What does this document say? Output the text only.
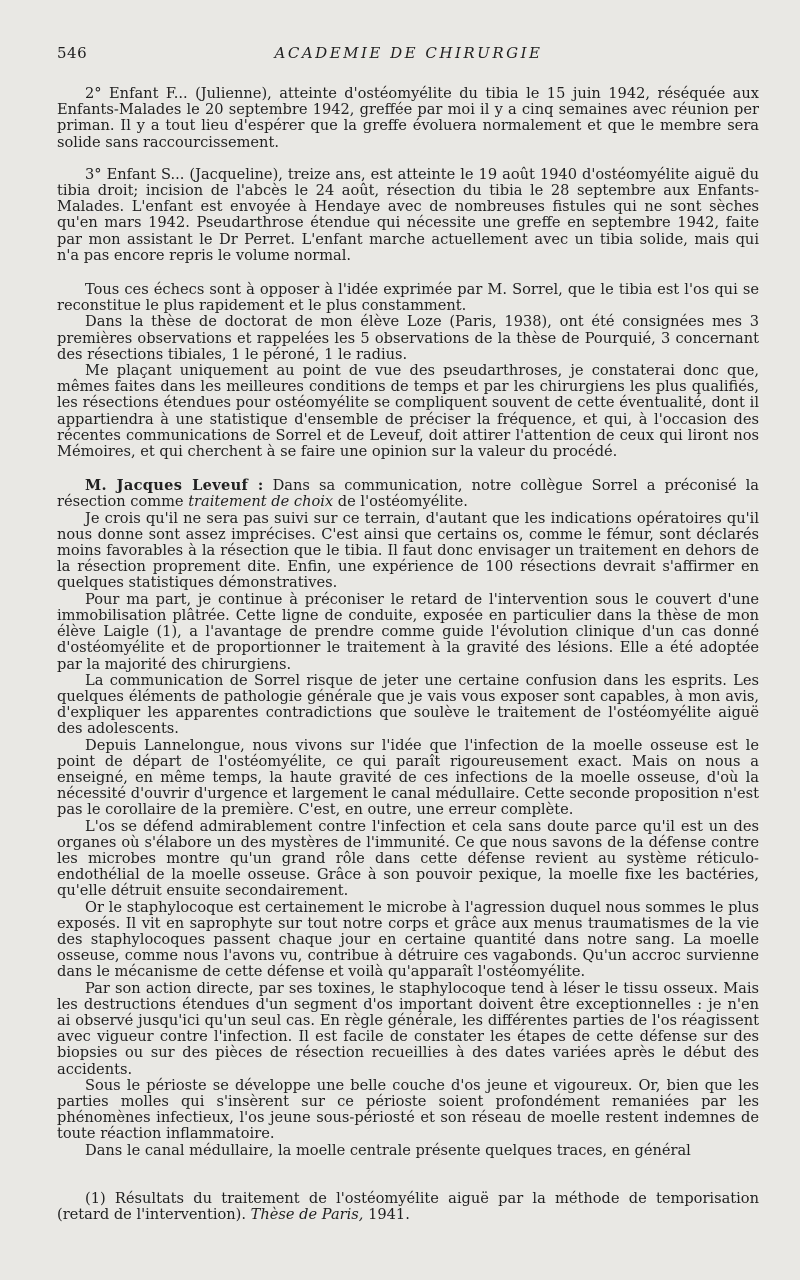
546	ACADEMIE DE CHIRURGIE

2° Enfant F... (Julienne), atteinte d'ostéomyélite du tibia le 15 juin 1942, réséquée aux Enfants-Malades le 20 septembre 1942, greffée par moi il y a cinq semaines avec réunion per priman. Il y a tout lieu d'espérer que la greffe évoluera normalement et que le membre sera solide sans raccourcissement.

3° Enfant S... (Jacqueline), treize ans, est atteinte le 19 août 1940 d'ostéomyélite aiguë du tibia droit; incision de l'abcès le 24 août, résection du tibia le 28 septembre aux Enfants-Malades. L'enfant est envoyée à Hendaye avec de nombreuses fistules qui ne sont sèches qu'en mars 1942. Pseudarthrose étendue qui nécessite une greffe en septembre 1942, faite par mon assistant le Dr Perret. L'enfant marche actuellement avec un tibia solide, mais qui n'a pas encore repris le volume normal.

Tous ces échecs sont à opposer à l'idée exprimée par M. Sorrel, que le tibia est l'os qui se reconstitue le plus rapidement et le plus constamment.

Dans la thèse de doctorat de mon élève Loze (Paris, 1938), ont été consignées mes 3 premières observations et rappelées les 5 observations de la thèse de Pourquié, 3 concernant des résections tibiales, 1 le péroné, 1 le radius.

Me plaçant uniquement au point de vue des pseudarthroses, je constaterai donc que, mêmes faites dans les meilleures conditions de temps et par les chirurgiens les plus qualifiés, les résections étendues pour ostéomyélite se compliquent souvent de cette éventualité, dont il appartiendra à une statistique d'ensemble de préciser la fréquence, et qui, à l'occasion des récentes communications de Sorrel et de Leveuf, doit attirer l'attention de ceux qui liront nos Mémoires, et qui cherchent à se faire une opinion sur la valeur du procédé.

M. Jacques Leveuf : Dans sa communication, notre collègue Sorrel a préconisé la résection comme traitement de choix de l'ostéomyélite.

Je crois qu'il ne sera pas suivi sur ce terrain, d'autant que les indications opératoires qu'il nous donne sont assez imprécises. C'est ainsi que certains os, comme le fémur, sont déclarés moins favorables à la résection que le tibia. Il faut donc envisager un traitement en dehors de la résection proprement dite. Enfin, une expérience de 100 résections devrait s'affirmer en quelques statistiques démonstratives.

Pour ma part, je continue à préconiser le retard de l'intervention sous le couvert d'une immobilisation plâtrée. Cette ligne de conduite, exposée en particulier dans la thèse de mon élève Laigle (1), a l'avantage de prendre comme guide l'évolution clinique d'un cas donné d'ostéomyélite et de proportionner le traitement à la gravité des lésions. Elle a été adoptée par la majorité des chirurgiens.

La communication de Sorrel risque de jeter une certaine confusion dans les esprits. Les quelques éléments de pathologie générale que je vais vous exposer sont capables, à mon avis, d'expliquer les apparentes contradictions que soulève le traitement de l'ostéomyélite aiguë des adolescents.

Depuis Lannelongue, nous vivons sur l'idée que l'infection de la moelle osseuse est le point de départ de l'ostéomyélite, ce qui paraît rigoureusement exact. Mais on nous a enseigné, en même temps, la haute gravité de ces infections de la moelle osseuse, d'où la nécessité d'ouvrir d'urgence et largement le canal médullaire. Cette seconde proposition n'est pas le corollaire de la première. C'est, en outre, une erreur complète.

L'os se défend admirablement contre l'infection et cela sans doute parce qu'il est un des organes où s'élabore un des mystères de l'immunité. Ce que nous savons de la défense contre les microbes montre qu'un grand rôle dans cette défense revient au système réticulo-endothélial de la moelle osseuse. Grâce à son pouvoir pexique, la moelle fixe les bactéries, qu'elle détruit ensuite secondairement.

Or le staphylocoque est certainement le microbe à l'agression duquel nous sommes le plus exposés. Il vit en saprophyte sur tout notre corps et grâce aux menus traumatismes de la vie des staphylocoques passent chaque jour en certaine quantité dans notre sang. La moelle osseuse, comme nous l'avons vu, contribue à détruire ces vagabonds. Qu'un accroc survienne dans le mécanisme de cette défense et voilà qu'apparaît l'ostéomyélite.

Par son action directe, par ses toxines, le staphylocoque tend à léser le tissu osseux. Mais les destructions étendues d'un segment d'os important doivent être exceptionnelles : je n'en ai observé jusqu'ici qu'un seul cas. En règle générale, les différentes parties de l'os réagissent avec vigueur contre l'infection. Il est facile de constater les étapes de cette défense sur des biopsies ou sur des pièces de résection recueillies à des dates variées après le début des accidents.

Sous le périoste se développe une belle couche d'os jeune et vigoureux. Or, bien que les parties molles qui s'insèrent sur ce périoste soient profondément remaniées par les phénomènes infectieux, l'os jeune sous-périosté et son réseau de moelle restent indemnes de toute réaction inflammatoire.

Dans le canal médullaire, la moelle centrale présente quelques traces, en général

(1) Résultats du traitement de l'ostéomyélite aiguë par la méthode de temporisation (retard de l'intervention). Thèse de Paris, 1941.
